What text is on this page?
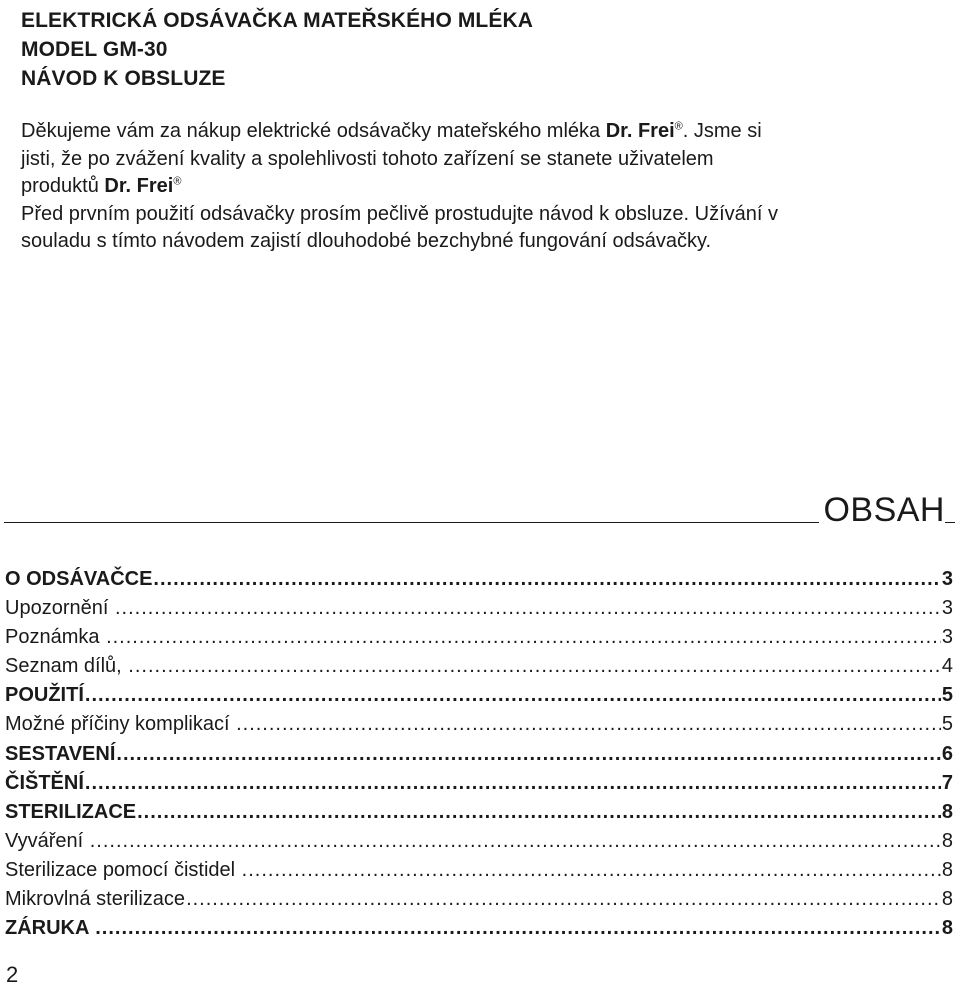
ELEKTRICKÁ ODSÁVAČKA MATEŘSKÉHO MLÉKA
MODEL GM-30
NÁVOD K OBSLUZE

Děkujeme vám za nákup elektrické odsávačky mateřského mléka Dr. Frei®. Jsme si

jisti, že po zvážení kvality a spolehlivosti tohoto zařízení se stanete uživatelem

produktů Dr. Frei®

Před prvním použití odsávačky prosím pečlivě prostudujte návod k obsluze. Užívání v

souladu s tímto návodem zajistí dlouhodobé bezchybné fungování odsávačky.

OBSAH
O ODSÁVAČCE .....	3
Upozornění .....	3
Poznámka .....	3
Seznam dílů, .....	4
POUŽITÍ .....	5
Možné příčiny komplikací .....	5
SESTAVENÍ .....	6
ČIŠTĚNÍ .....	7
STERILIZACE .....	8
Vyváření .....	8
Sterilizace pomocí čistidel .....	8
Mikrovlná sterilizace .....	8
ZÁRUKA .....	8
2
